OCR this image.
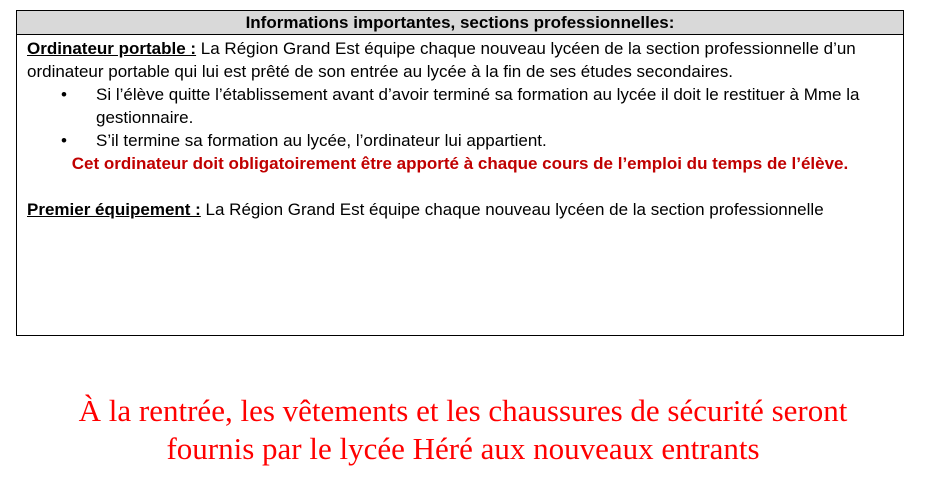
Informations importantes, sections professionnelles:

Ordinateur portable : La Région Grand Est équipe chaque nouveau lycéen de la section professionnelle d’un ordinateur portable qui lui est prêté de son entrée au lycée à la fin de ses études secondaires.

• Si l’élève quitte l’établissement avant d’avoir terminé sa formation au lycée il doit le restituer à Mme la gestionnaire.
• S’il termine sa formation au lycée, l’ordinateur lui appartient.

Cet ordinateur doit obligatoirement être apporté à chaque cours de l’emploi du temps de l’élève.

Premier équipement : La Région Grand Est équipe chaque nouveau lycéen de la section professionnelle

À la rentrée, les vêtements et les chaussures de sécurité seront
fournis par le lycée Héré aux nouveaux entrants
